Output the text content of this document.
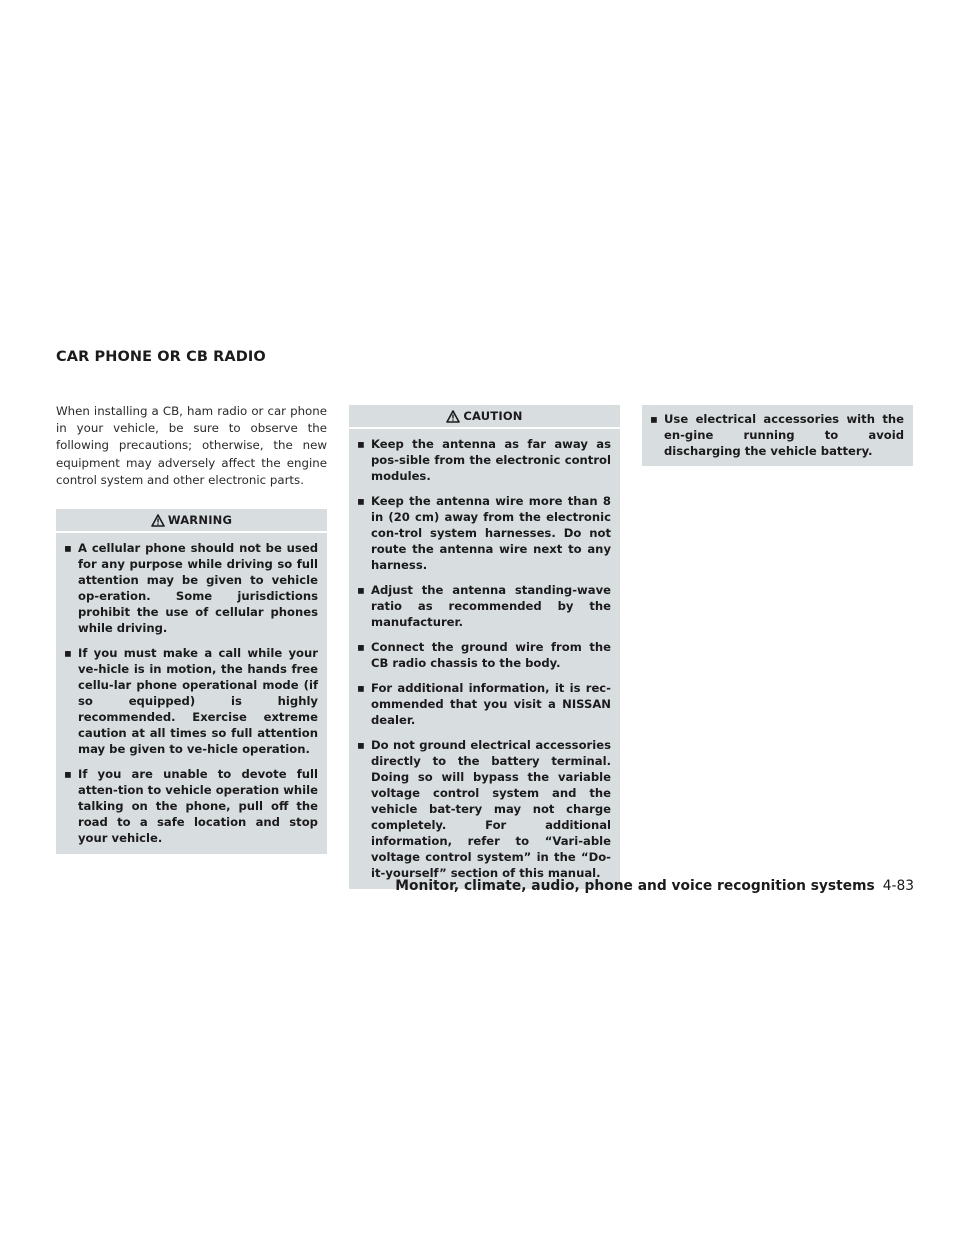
CAR PHONE OR CB RADIO
When installing a CB, ham radio or car phone in your vehicle, be sure to observe the following precautions; otherwise, the new equipment may adversely affect the engine control system and other electronic parts.
WARNING
▪ A cellular phone should not be used for any purpose while driving so full attention may be given to vehicle op-eration. Some jurisdictions prohibit the use of cellular phones while driving.
▪ If you must make a call while your ve-hicle is in motion, the hands free cellu-lar phone operational mode (if so equipped) is highly recommended. Exercise extreme caution at all times so full attention may be given to ve-hicle operation.
▪ If you are unable to devote full atten-tion to vehicle operation while talking on the phone, pull off the road to a safe location and stop your vehicle.
CAUTION
▪ Keep the antenna as far away as pos-sible from the electronic control modules.
▪ Keep the antenna wire more than 8 in (20 cm) away from the electronic con-trol system harnesses. Do not route the antenna wire next to any harness.
▪ Adjust the antenna standing-wave ratio as recommended by the manufacturer.
▪ Connect the ground wire from the CB radio chassis to the body.
▪ For additional information, it is rec-ommended that you visit a NISSAN dealer.
▪ Do not ground electrical accessories directly to the battery terminal. Doing so will bypass the variable voltage control system and the vehicle bat-tery may not charge completely. For additional information, refer to “Vari-able voltage control system” in the “Do-it-yourself” section of this manual.
▪ Use electrical accessories with the en-gine running to avoid discharging the vehicle battery.
Monitor, climate, audio, phone and voice recognition systems 4-83
